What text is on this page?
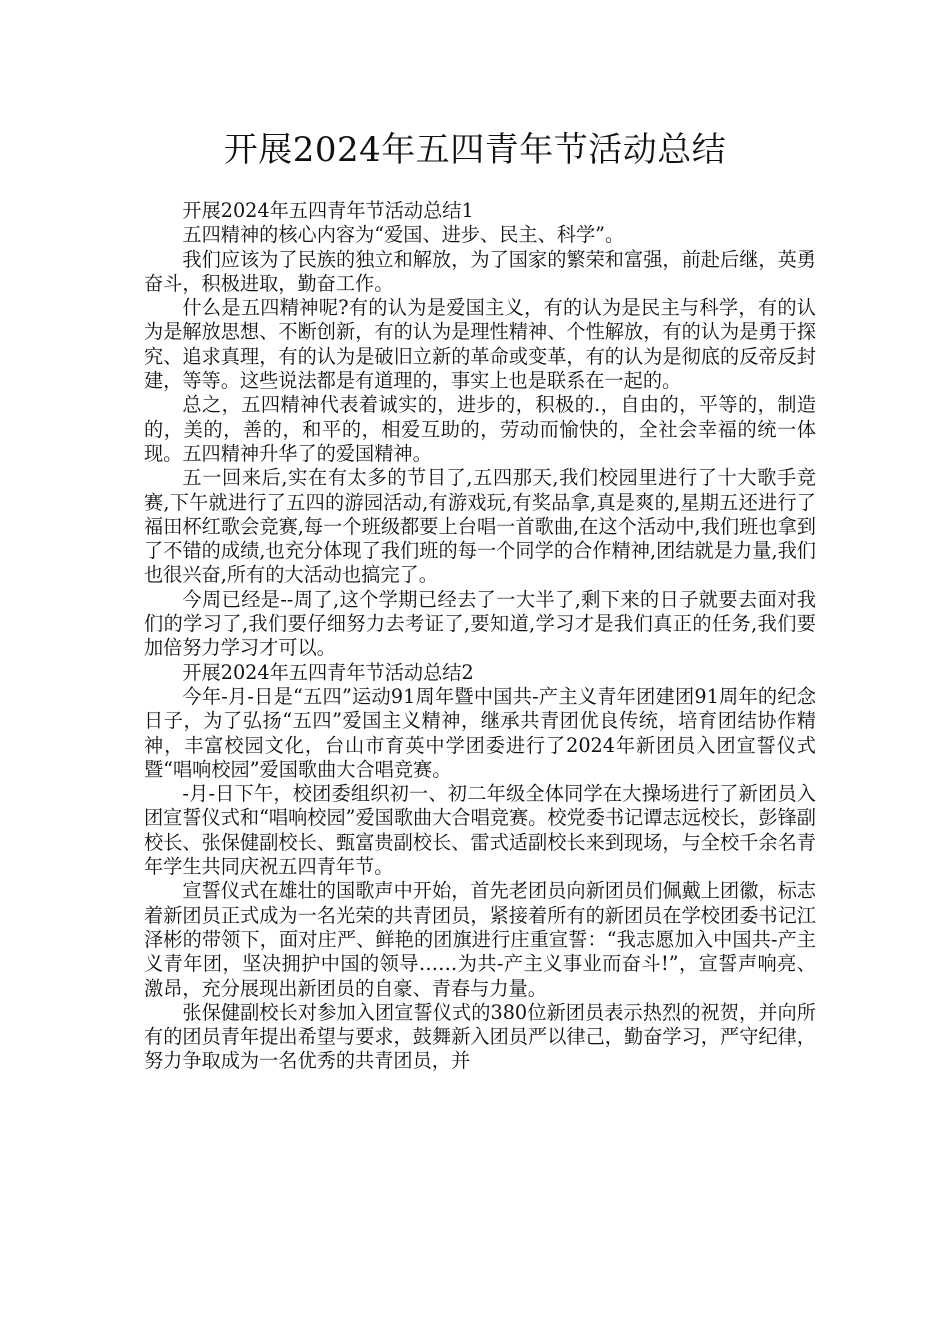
开展2024年五四青年节活动总结

开展2024年五四青年节活动总结1

五四精神的核心内容为“爱国、进步、民主、科学”。

我们应该为了民族的独立和解放，为了国家的繁荣和富强，前赴后继，英勇奋斗，积极进取，勤奋工作。

什么是五四精神呢?有的认为是爱国主义，有的认为是民主与科学，有的认为是解放思想、不断创新，有的认为是理性精神、个性解放，有的认为是勇于探究、追求真理，有的认为是破旧立新的革命或变革，有的认为是彻底的反帝反封建，等等。这些说法都是有道理的，事实上也是联系在一起的。

总之，五四精神代表着诚实的，进步的，积极的.，自由的，平等的，制造的，美的，善的，和平的，相爱互助的，劳动而愉快的，全社会幸福的统一体现。五四精神升华了的爱国精神。

五一回来后,实在有太多的节目了,五四那天,我们校园里进行了十大歌手竞赛,下午就进行了五四的游园活动,有游戏玩,有奖品拿,真是爽的,星期五还进行了福田杯红歌会竞赛,每一个班级都要上台唱一首歌曲,在这个活动中,我们班也拿到了不错的成绩,也充分体现了我们班的每一个同学的合作精神,团结就是力量,我们也很兴奋,所有的大活动也搞完了。

今周已经是--周了,这个学期已经去了一大半了,剩下来的日子就要去面对我们的学习了,我们要仔细努力去考证了,要知道,学习才是我们真正的任务,我们要加倍努力学习才可以。

开展2024年五四青年节活动总结2

今年-月-日是“五四”运动91周年暨中国共-产主义青年团建团91周年的纪念日子，为了弘扬“五四”爱国主义精神，继承共青团优良传统，培育团结协作精神，丰富校园文化，台山市育英中学团委进行了2024年新团员入团宣誓仪式暨“唱响校园”爱国歌曲大合唱竞赛。

-月-日下午，校团委组织初一、初二年级全体同学在大操场进行了新团员入团宣誓仪式和“唱响校园”爱国歌曲大合唱竞赛。校党委书记谭志远校长，彭锋副校长、张保健副校长、甄富贵副校长、雷式适副校长来到现场，与全校千余名青年学生共同庆祝五四青年节。

宣誓仪式在雄壮的国歌声中开始，首先老团员向新团员们佩戴上团徽，标志着新团员正式成为一名光荣的共青团员，紧接着所有的新团员在学校团委书记江泽彬的带领下，面对庄严、鲜艳的团旗进行庄重宣誓：“我志愿加入中国共-产主义青年团，坚决拥护中国的领导……为共-产主义事业而奋斗!”，宣誓声响亮、激昂，充分展现出新团员的自豪、青春与力量。

张保健副校长对参加入团宣誓仪式的380位新团员表示热烈的祝贺，并向所有的团员青年提出希望与要求，鼓舞新入团员严以律己，勤奋学习，严守纪律，努力争取成为一名优秀的共青团员，并
